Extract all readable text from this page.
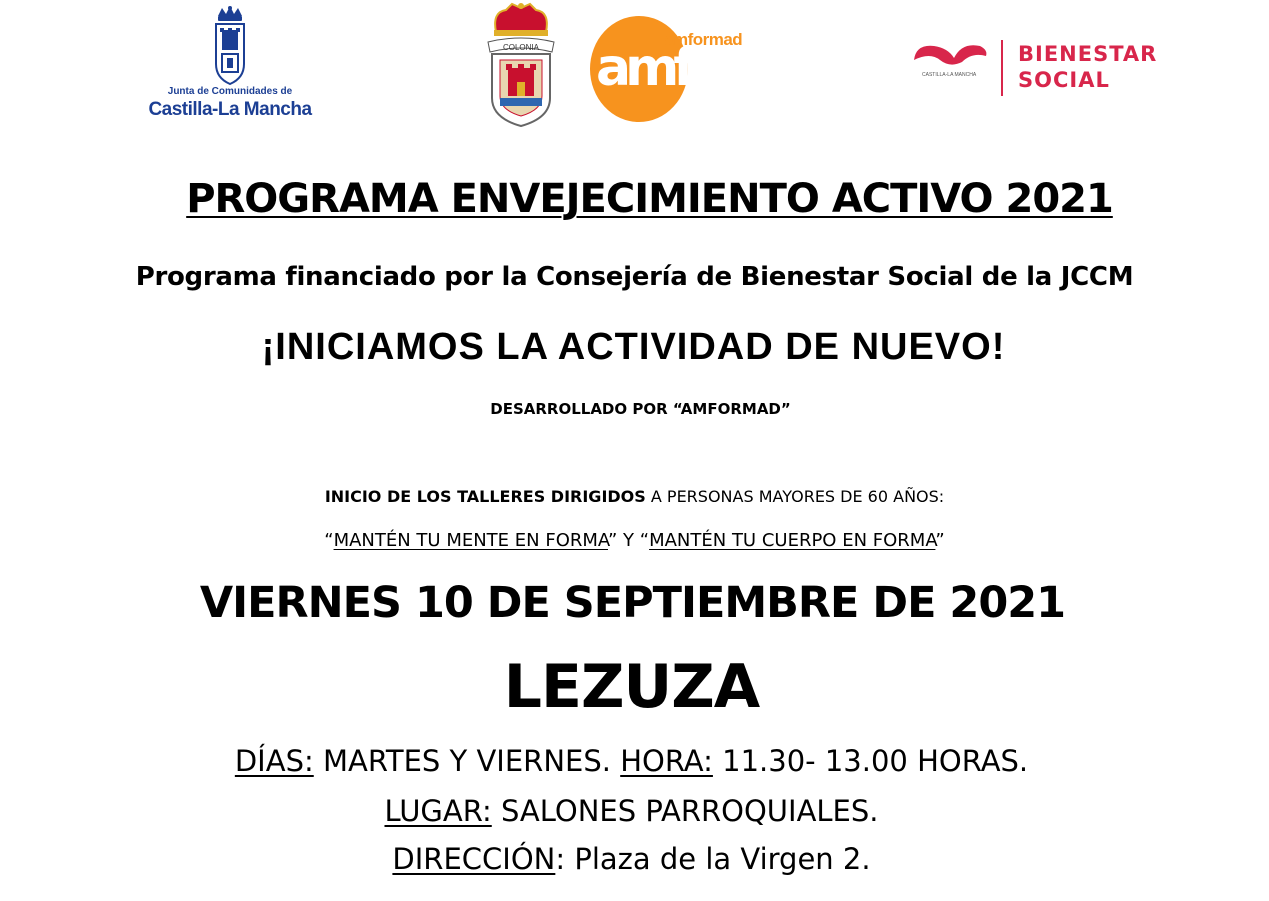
Junta de Comunidades de
Castilla-La Mancha
COLONIA amf
amformad
CASTILLA-LA MANCHA
BIENESTAR
SOCIAL
PROGRAMA ENVEJECIMIENTO ACTIVO 2021
Programa financiado por la Consejería de Bienestar Social de la JCCM
¡INICIAMOS LA ACTIVIDAD DE NUEVO!
DESARROLLADO POR “AMFORMAD”
INICIO DE LOS TALLERES DIRIGIDOS A PERSONAS MAYORES DE 60 AÑOS:
“MANTÉN TU MENTE EN FORMA” Y “MANTÉN TU CUERPO EN FORMA”
VIERNES 10 DE SEPTIEMBRE DE 2021
LEZUZA
DÍAS: MARTES Y VIERNES. HORA: 11.30- 13.00 HORAS.
LUGAR: SALONES PARROQUIALES.
DIRECCIÓN: Plaza de la Virgen 2.
